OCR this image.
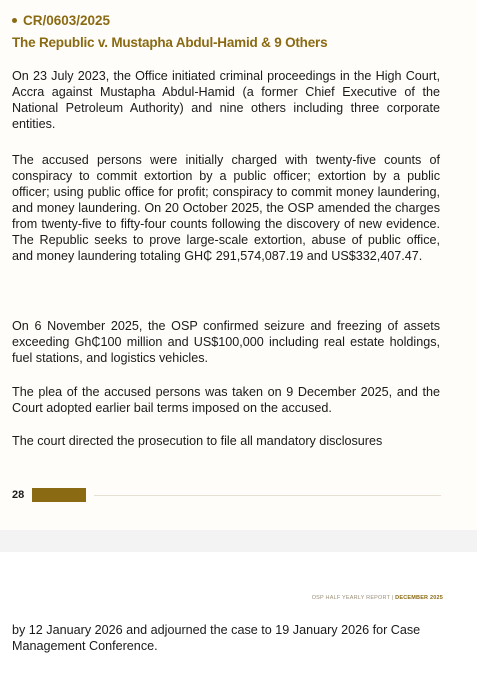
CR/0603/2025
The Republic v. Mustapha Abdul-Hamid & 9 Others
On 23 July 2023, the Office initiated criminal proceedings in the High Court, Accra against Mustapha Abdul-Hamid (a former Chief Executive of the National Petroleum Authority) and nine others including three corporate entities.
The accused persons were initially charged with twenty-five counts of conspiracy to commit extortion by a public officer; extortion by a public officer; using public office for profit; conspiracy to commit money laundering, and money laundering. On 20 October 2025, the OSP amended the charges from twenty-five to fifty-four counts following the discovery of new evidence. The Republic seeks to prove large-scale extortion, abuse of public office, and money laundering totaling GH₵ 291,574,087.19 and US$332,407.47.
On 6 November 2025, the OSP confirmed seizure and freezing of assets exceeding Gh₵100 million and US$100,000 including real estate holdings, fuel stations, and logistics vehicles.
The plea of the accused persons was taken on 9 December 2025, and the Court adopted earlier bail terms imposed on the accused.
The court directed the prosecution to file all mandatory disclosures
28
OSP HALF YEARLY REPORT | DECEMBER 2025
by 12 January 2026 and adjourned the case to 19 January 2026 for Case Management Conference.
